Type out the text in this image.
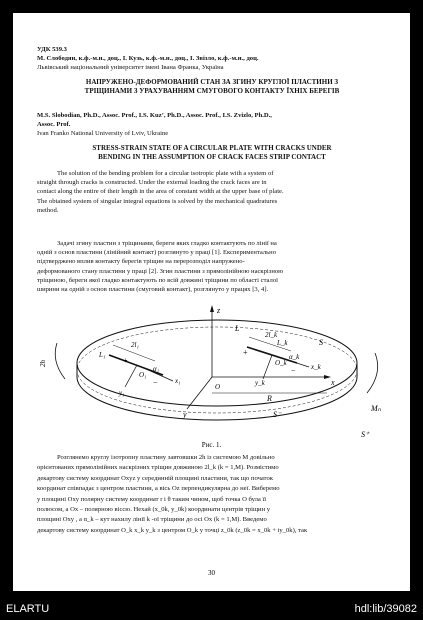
УДК 539.3
М. Слободян, к.ф.-м.н., доц., І. Кузь, к.ф.-м.н., доц., І. Звізло, к.ф.-м.н., доц.
Львівський національний університет імені Івана Франка, Україна
НАПРУЖЕНО-ДЕФОРМОВАНИЙ СТАН ЗА ЗГИНУ КРУГЛОЇ ПЛАСТИНИ З
ТРІЩИНАМИ З УРАХУВАННЯМ СМУГОВОГО КОНТАКТУ ЇХНІХ БЕРЕГІВ
M.S. Slobodian, Ph.D., Assoc. Prof., I.S. Kuz’, Ph.D., Assoc. Prof., I.S. Zvizlo, Ph.D.,
Assoc. Prof.
Ivan Franko National University of Lviv, Ukraine
STRESS-STRAIN STATE OF A CIRCULAR PLATE WITH CRACKS UNDER
BENDING IN THE ASSUMPTION OF CRACK FACES STRIP CONTACT
The solution of the bending problem for a circular isotropic plate with a system of
straight through cracks is constructed. Under the external loading the crack faces are in
contact along the entire of their length in the area of constant width at the upper base of plate.
The obtained system of singular integral equations is solved by the mechanical quadratures
method.
Задачі згину пластин з тріщинами, береги яких гладко контактують по лінії на
одній з основ пластини (лінійний контакт) розглянуто у праці [1]. Експериментально
підтверджено вплив контакту берегів тріщин на перерозподіл напружено-
деформованого стану пластини у праці [2]. Згин пластини з прямолінійною наскрізною
тріщиною, береги якої гладко контактують по всій довжині тріщини по області сталої
ширини на одній з основ пластини (смуговий контакт), розглянуто у працях [3, 4].
L
L₁
L_k
2l₁
2l_k
x₁
y₁
x_k
y_k
O₁
O_k
α₁
α_k
x
y
z
O
R
S
S⁻
S⁺
Mₙ
2h	+
+
−
−
Рис. 1.
Розглянемо круглу ізотропну пластину завтовшки 2h із системою M довільно
орієнтованих прямолінійних наскрізних тріщин довжиною 2l_k (k = 1,M). Розмістимо
декартову систему координат Oxyz у серединній площині пластини, так що початок
координат співпадає з центром пластини, а вісь Oz перпендикулярна до неї. Виберемо
у площині Oxy полярну систему координат r і θ таким чином, щоб точка O була її
полюсом, а Ox – полярною віссю. Нехай (x_0k, y_0k) координати центрів тріщин у
площині Oxy , а α_k – кут нахилу лінії k -ої тріщини до осі Ox (k = 1,M). Введемо
декартову систему координат O_k x_k y_k з центром O_k у точці z_0k (z_0k = x_0k + iy_0k), так
30
ELARTU	hdl:lib/39082
